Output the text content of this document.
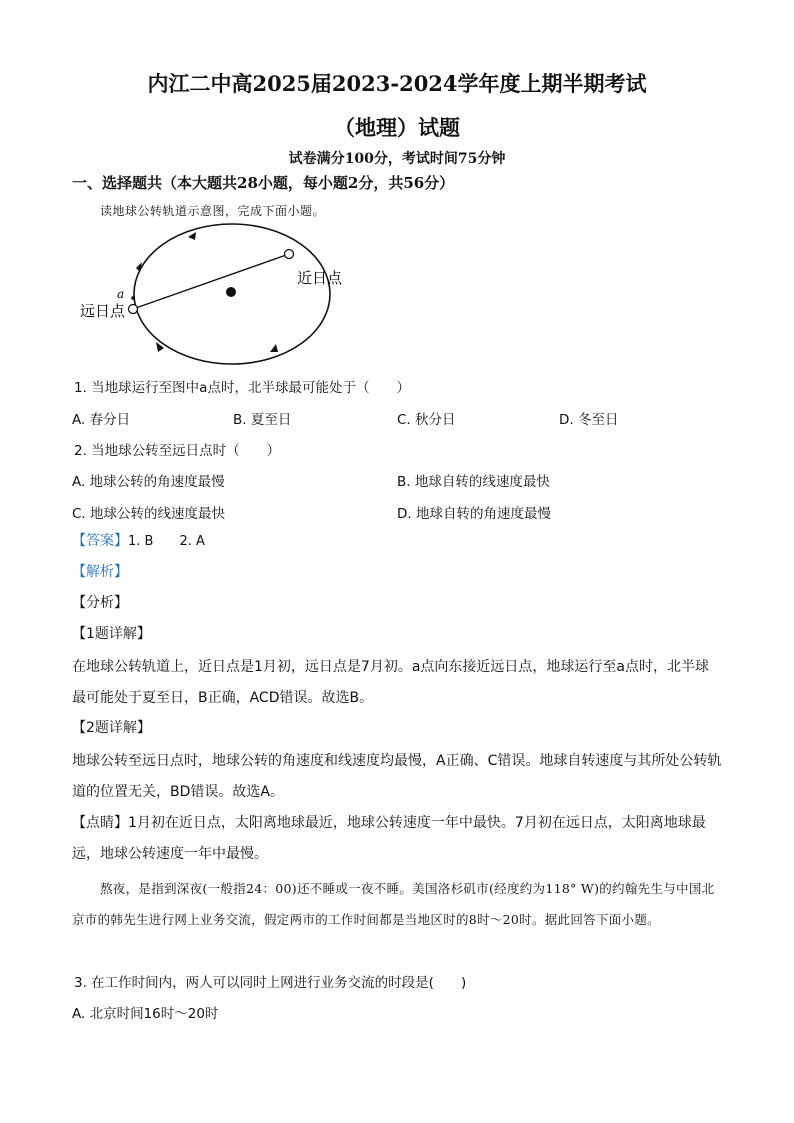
内江二中高2025届2023-2024学年度上期半期考试
（地理）试题
试卷满分100分，考试时间75分钟
一、选择题共（本大题共28小题，每小题2分，共56分）
读地球公转轨道示意图，完成下面小题。
a
远日点
近日点
1. 当地球运行至图中a点时，北半球最可能处于（　　）
A. 春分日	B. 夏至日	C. 秋分日	D. 冬至日
2. 当地球公转至远日点时（　　）
A. 地球公转的角速度最慢	B. 地球自转的线速度最快
C. 地球公转的线速度最快	D. 地球自转的角速度最慢
【答案】1. B　　2. A
【解析】
【分析】
【1题详解】
在地球公转轨道上，近日点是1月初，远日点是7月初。a点向东接近远日点，地球运行至a点时，北半球最可能处于夏至日，B正确，ACD错误。故选B。
【2题详解】
地球公转至远日点时，地球公转的角速度和线速度均最慢，A正确、C错误。地球自转速度与其所处公转轨道的位置无关，BD错误。故选A。
【点睛】1月初在近日点，太阳离地球最近，地球公转速度一年中最快。7月初在远日点，太阳离地球最远，地球公转速度一年中最慢。
熬夜，是指到深夜(一般指24：00)还不睡或一夜不睡。美国洛杉矶市(经度约为118° W)的约翰先生与中国北京市的韩先生进行网上业务交流，假定两市的工作时间都是当地区时的8时～20时。据此回答下面小题。
3. 在工作时间内，两人可以同时上网进行业务交流的时段是(　　)
A. 北京时间16时～20时
